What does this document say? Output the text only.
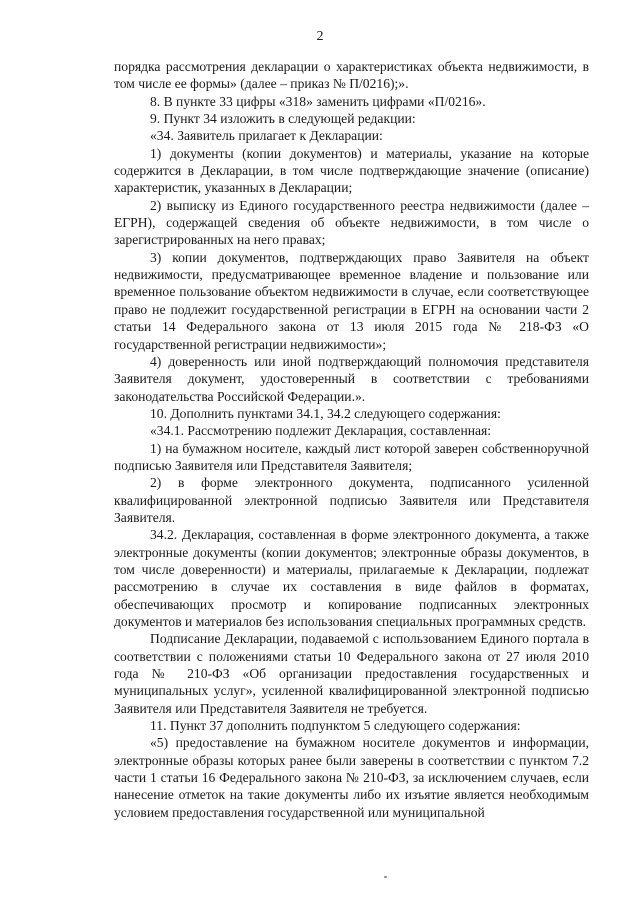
2

порядка рассмотрения декларации о характеристиках объекта недвижимости, в том числе ее формы» (далее – приказ № П/0216);».

8. В пункте 33 цифры «318» заменить цифрами «П/0216».

9. Пункт 34 изложить в следующей редакции:

«34. Заявитель прилагает к Декларации:

1) документы (копии документов) и материалы, указание на которые содержится в Декларации, в том числе подтверждающие значение (описание) характеристик, указанных в Декларации;

2) выписку из Единого государственного реестра недвижимости (далее – ЕГРН), содержащей сведения об объекте недвижимости, в том числе о зарегистрированных на него правах;

3) копии документов, подтверждающих право Заявителя на объект недвижимости, предусматривающее временное владение и пользование или временное пользование объектом недвижимости в случае, если соответствующее право не подлежит государственной регистрации в ЕГРН на основании части 2 статьи 14 Федерального закона от 13 июля 2015 года № 218-ФЗ «О государственной регистрации недвижимости»;

4) доверенность или иной подтверждающий полномочия представителя Заявителя документ, удостоверенный в соответствии с требованиями законодательства Российской Федерации.».

10. Дополнить пунктами 34.1, 34.2 следующего содержания:

«34.1. Рассмотрению подлежит Декларация, составленная:

1) на бумажном носителе, каждый лист которой заверен собственноручной подписью Заявителя или Представителя Заявителя;

2) в форме электронного документа, подписанного усиленной квалифицированной электронной подписью Заявителя или Представителя Заявителя.

34.2. Декларация, составленная в форме электронного документа, а также электронные документы (копии документов; электронные образы документов, в том числе доверенности) и материалы, прилагаемые к Декларации, подлежат рассмотрению в случае их составления в виде файлов в форматах, обеспечивающих просмотр и копирование подписанных электронных документов и материалов без использования специальных программных средств.

Подписание Декларации, подаваемой с использованием Единого портала в соответствии с положениями статьи 10 Федерального закона от 27 июля 2010 года № 210-ФЗ «Об организации предоставления государственных и муниципальных услуг», усиленной квалифицированной электронной подписью Заявителя или Представителя Заявителя не требуется.

11. Пункт 37 дополнить подпунктом 5 следующего содержания:

«5) предоставление на бумажном носителе документов и информации, электронные образы которых ранее были заверены в соответствии с пунктом 7.2 части 1 статьи 16 Федерального закона № 210-ФЗ, за исключением случаев, если нанесение отметок на такие документы либо их изъятие является необходимым условием предоставления государственной или муниципальной
